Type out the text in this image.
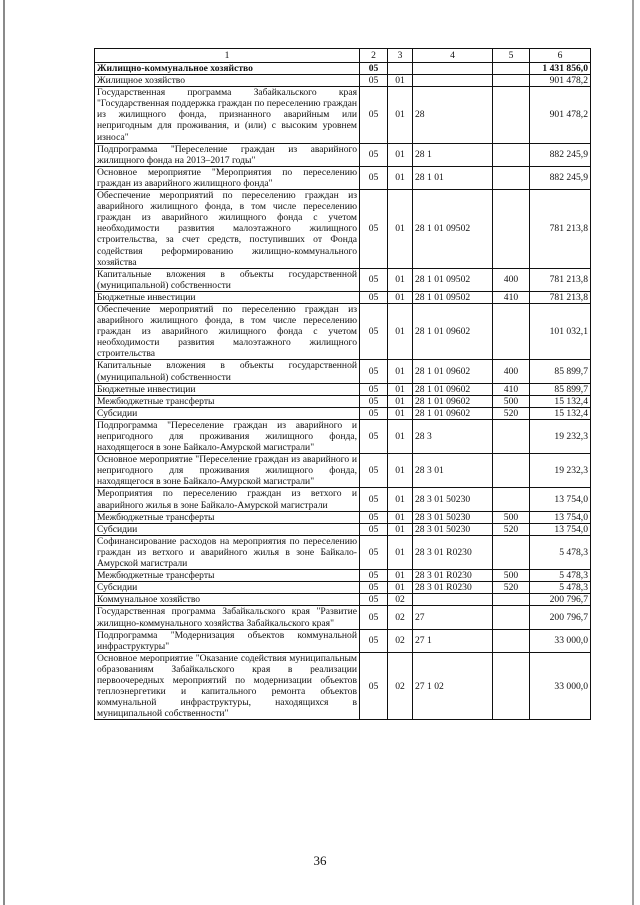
1	2	3	4	5	6
Жилищно-коммунальное хозяйство	05				1 431 856,0
Жилищное хозяйство	05	01			901 478,2
Государственная программа Забайкальского края "Государственная поддержка граждан по переселению граждан из жилищного фонда, признанного аварийным или непригодным для проживания, и (или) с высоким уровнем износа"	05	01	28		901 478,2
Подпрограмма "Переселение граждан из аварийного жилищного фонда на 2013–2017 годы"	05	01	28 1		882 245,9
Основное мероприятие "Мероприятия по переселению граждан из аварийного жилищного фонда"	05	01	28 1 01		882 245,9
Обеспечение мероприятий по переселению граждан из аварийного жилищного фонда, в том числе переселению граждан из аварийного жилищного фонда с учетом необходимости развития малоэтажного жилищного строительства, за счет средств, поступивших от Фонда содействия реформированию жилищно-коммунального хозяйства	05	01	28 1 01 09502		781 213,8
Капитальные вложения в объекты государственной (муниципальной) собственности	05	01	28 1 01 09502	400	781 213,8
Бюджетные инвестиции	05	01	28 1 01 09502	410	781 213,8
Обеспечение мероприятий по переселению граждан из аварийного жилищного фонда, в том числе переселению граждан из аварийного жилищного фонда с учетом необходимости развития малоэтажного жилищного строительства	05	01	28 1 01 09602		101 032,1
Капитальные вложения в объекты государственной (муниципальной) собственности	05	01	28 1 01 09602	400	85 899,7
Бюджетные инвестиции	05	01	28 1 01 09602	410	85 899,7
Межбюджетные трансферты	05	01	28 1 01 09602	500	15 132,4
Субсидии	05	01	28 1 01 09602	520	15 132,4
Подпрограмма "Переселение граждан из аварийного и непригодного для проживания жилищного фонда, находящегося в зоне Байкало-Амурской магистрали"	05	01	28 3		19 232,3
Основное мероприятие "Переселение граждан из аварийного и непригодного для проживания жилищного фонда, находящегося в зоне Байкало-Амурской магистрали"	05	01	28 3 01		19 232,3
Мероприятия по переселению граждан из ветхого и аварийного жилья в зоне Байкало-Амурской магистрали	05	01	28 3 01 50230		13 754,0
Межбюджетные трансферты	05	01	28 3 01 50230	500	13 754,0
Субсидии	05	01	28 3 01 50230	520	13 754,0
Софинансирование расходов на мероприятия по переселению граждан из ветхого и аварийного жилья в зоне Байкало-Амурской магистрали	05	01	28 3 01 R0230		5 478,3
Межбюджетные трансферты	05	01	28 3 01 R0230	500	5 478,3
Субсидии	05	01	28 3 01 R0230	520	5 478,3
Коммунальное хозяйство	05	02			200 796,7
Государственная программа Забайкальского края "Развитие жилищно-коммунального хозяйства Забайкальского края"	05	02	27		200 796,7
Подпрограмма "Модернизация объектов коммунальной инфраструктуры"	05	02	27 1		33 000,0
Основное мероприятие "Оказание содействия муниципальным образованиям Забайкальского края в реализации первоочередных мероприятий по модернизации объектов теплоэнергетики и капитального ремонта объектов коммунальной инфраструктуры, находящихся в муниципальной собственности"	05	02	27 1 02		33 000,0
36
